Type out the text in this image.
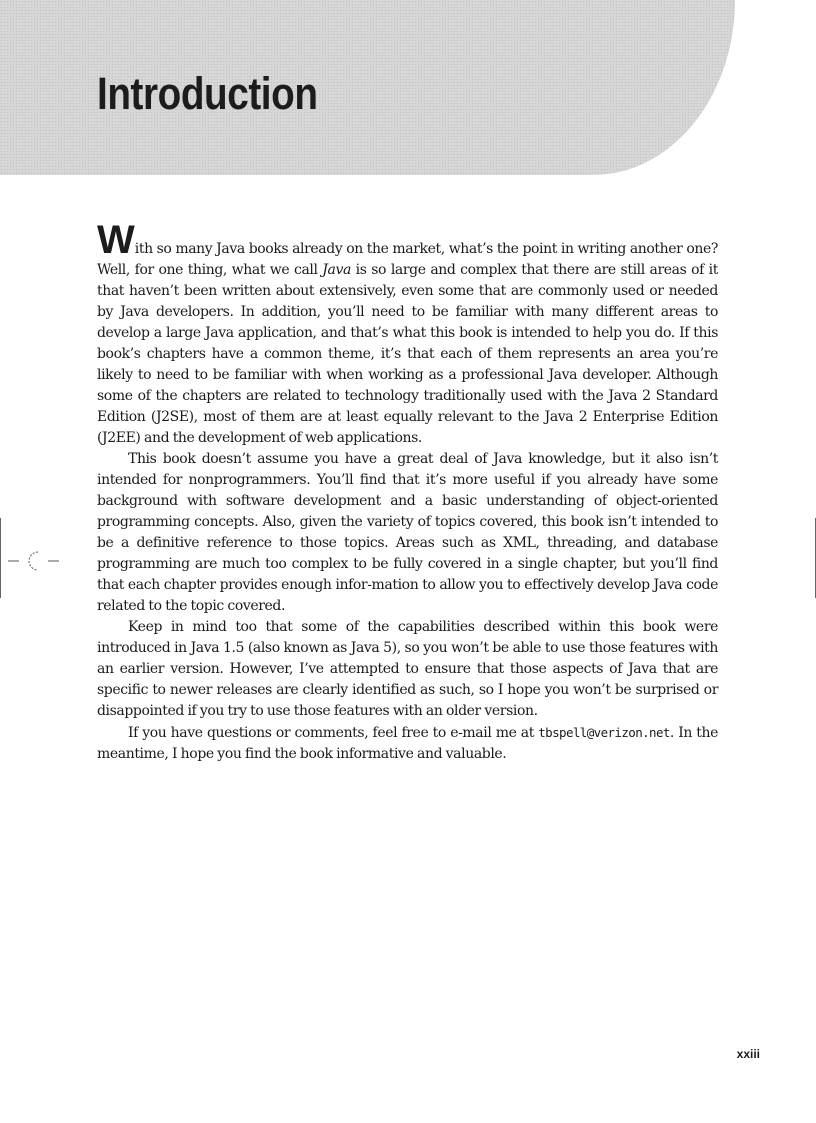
Introduction

With so many Java books already on the market, what’s the point in writing another one? Well, for one thing, what we call Java is so large and complex that there are still areas of it that haven’t been written about extensively, even some that are commonly used or needed by Java developers. In addition, you’ll need to be familiar with many different areas to develop a large Java application, and that’s what this book is intended to help you do. If this book’s chapters have a common theme, it’s that each of them represents an area you’re likely to need to be familiar with when working as a professional Java developer. Although some of the chapters are related to technology traditionally used with the Java 2 Standard Edition (J2SE), most of them are at least equally relevant to the Java 2 Enterprise Edition (J2EE) and the development of web applications.

This book doesn’t assume you have a great deal of Java knowledge, but it also isn’t intended for nonprogrammers. You’ll find that it’s more useful if you already have some background with software development and a basic understanding of object-oriented programming concepts. Also, given the variety of topics covered, this book isn’t intended to be a definitive reference to those topics. Areas such as XML, threading, and database programming are much too complex to be fully covered in a single chapter, but you’ll find that each chapter provides enough infor-mation to allow you to effectively develop Java code related to the topic covered.

Keep in mind too that some of the capabilities described within this book were introduced in Java 1.5 (also known as Java 5), so you won’t be able to use those features with an earlier version. However, I’ve attempted to ensure that those aspects of Java that are specific to newer releases are clearly identified as such, so I hope you won’t be surprised or disappointed if you try to use those features with an older version.

If you have questions or comments, feel free to e-mail me at tbspell@verizon.net. In the meantime, I hope you find the book informative and valuable.

xxiii
